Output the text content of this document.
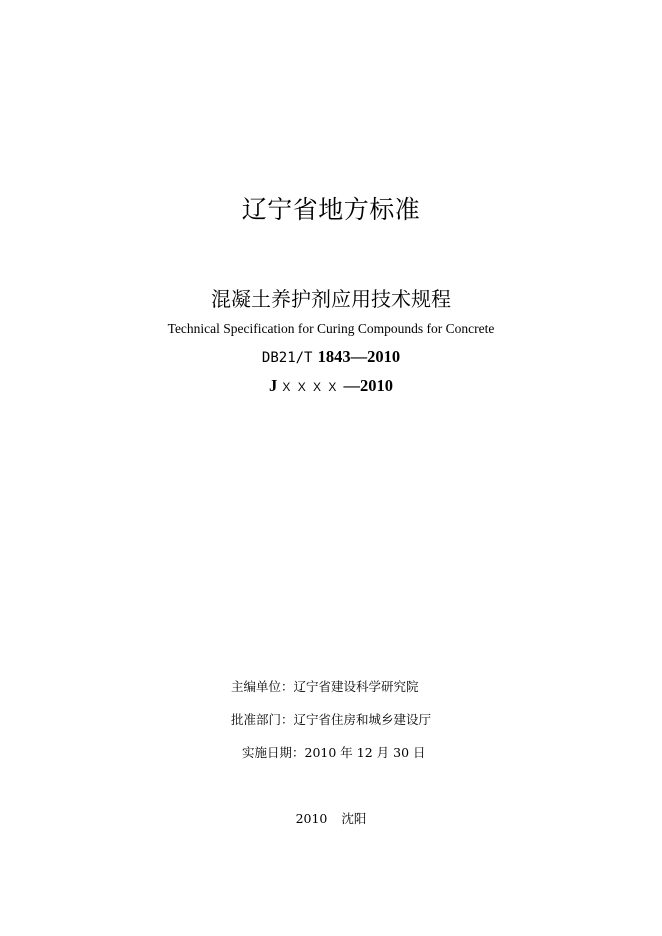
辽宁省地方标准
混凝土养护剂应用技术规程
Technical Specification for Curing Compounds for Concrete
DB21/T 1843—2010
J X X X X —2010
主编单位：辽宁省建设科学研究院
批准部门：辽宁省住房和城乡建设厅
实施日期：2010 年 12 月 30 日
2010 沈阳
